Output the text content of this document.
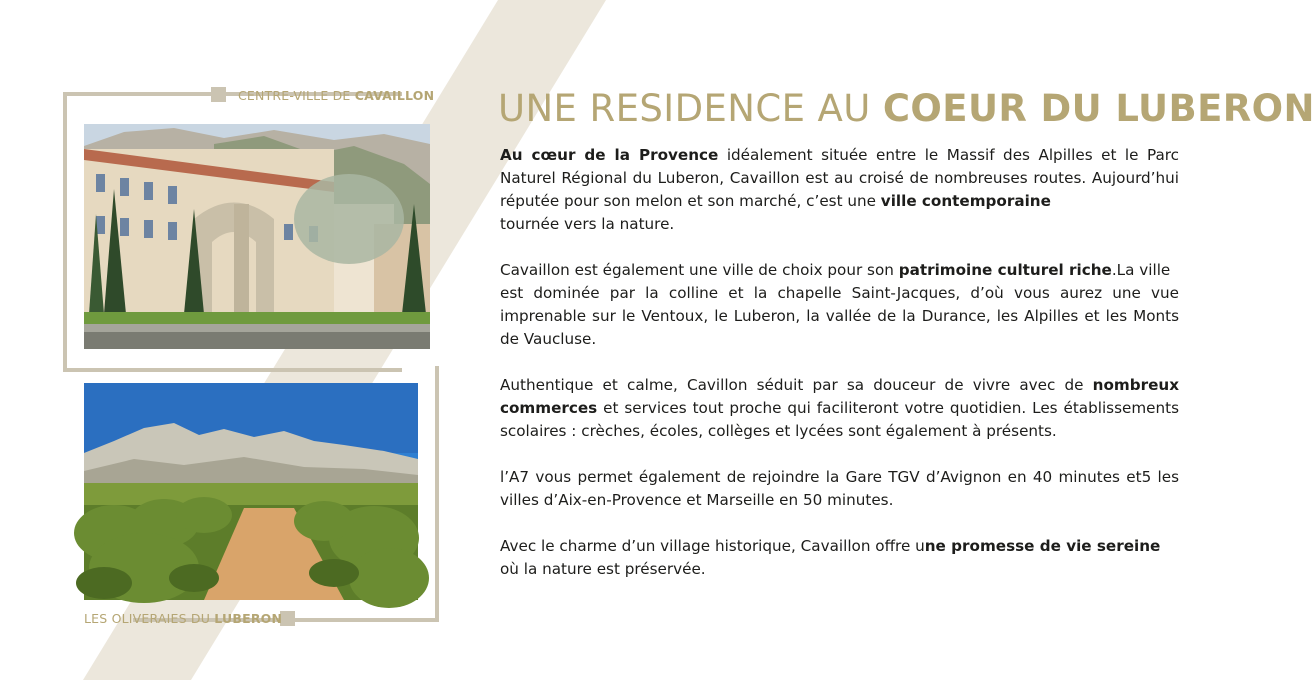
CENTRE-VILLE DE CAVAILLON
LES OLIVERAIES DU LUBERON
UNE RESIDENCE AU COEUR DU LUBERON

Au cœur de la Provence idéalement située entre le Massif des Alpilles et le Parc Naturel Régional du Luberon, Cavaillon est au croisé de nombreuses routes. Aujourd’hui réputée pour son melon et son marché, c’est une ville contemporaine
tournée vers la nature.

Cavaillon est également une ville de choix pour son patrimoine culturel riche.La ville
est dominée par la colline et la chapelle Saint-Jacques, d’où vous aurez une vue imprenable sur le Ventoux, le Luberon, la vallée de la Durance, les Alpilles et les Monts de Vaucluse.

Authentique et calme, Cavillon séduit par sa douceur de vivre avec de nombreux commerces et services tout proche qui faciliteront votre quotidien. Les établissements scolaires : crèches, écoles, collèges et lycées sont également à présents.

l’A7 vous permet également de rejoindre la Gare TGV d’Avignon en 40 minutes et5 les villes d’Aix-en-Provence et Marseille en 50 minutes.

Avec le charme d’un village historique, Cavaillon offre une promesse de vie sereine où la nature est préservée.
